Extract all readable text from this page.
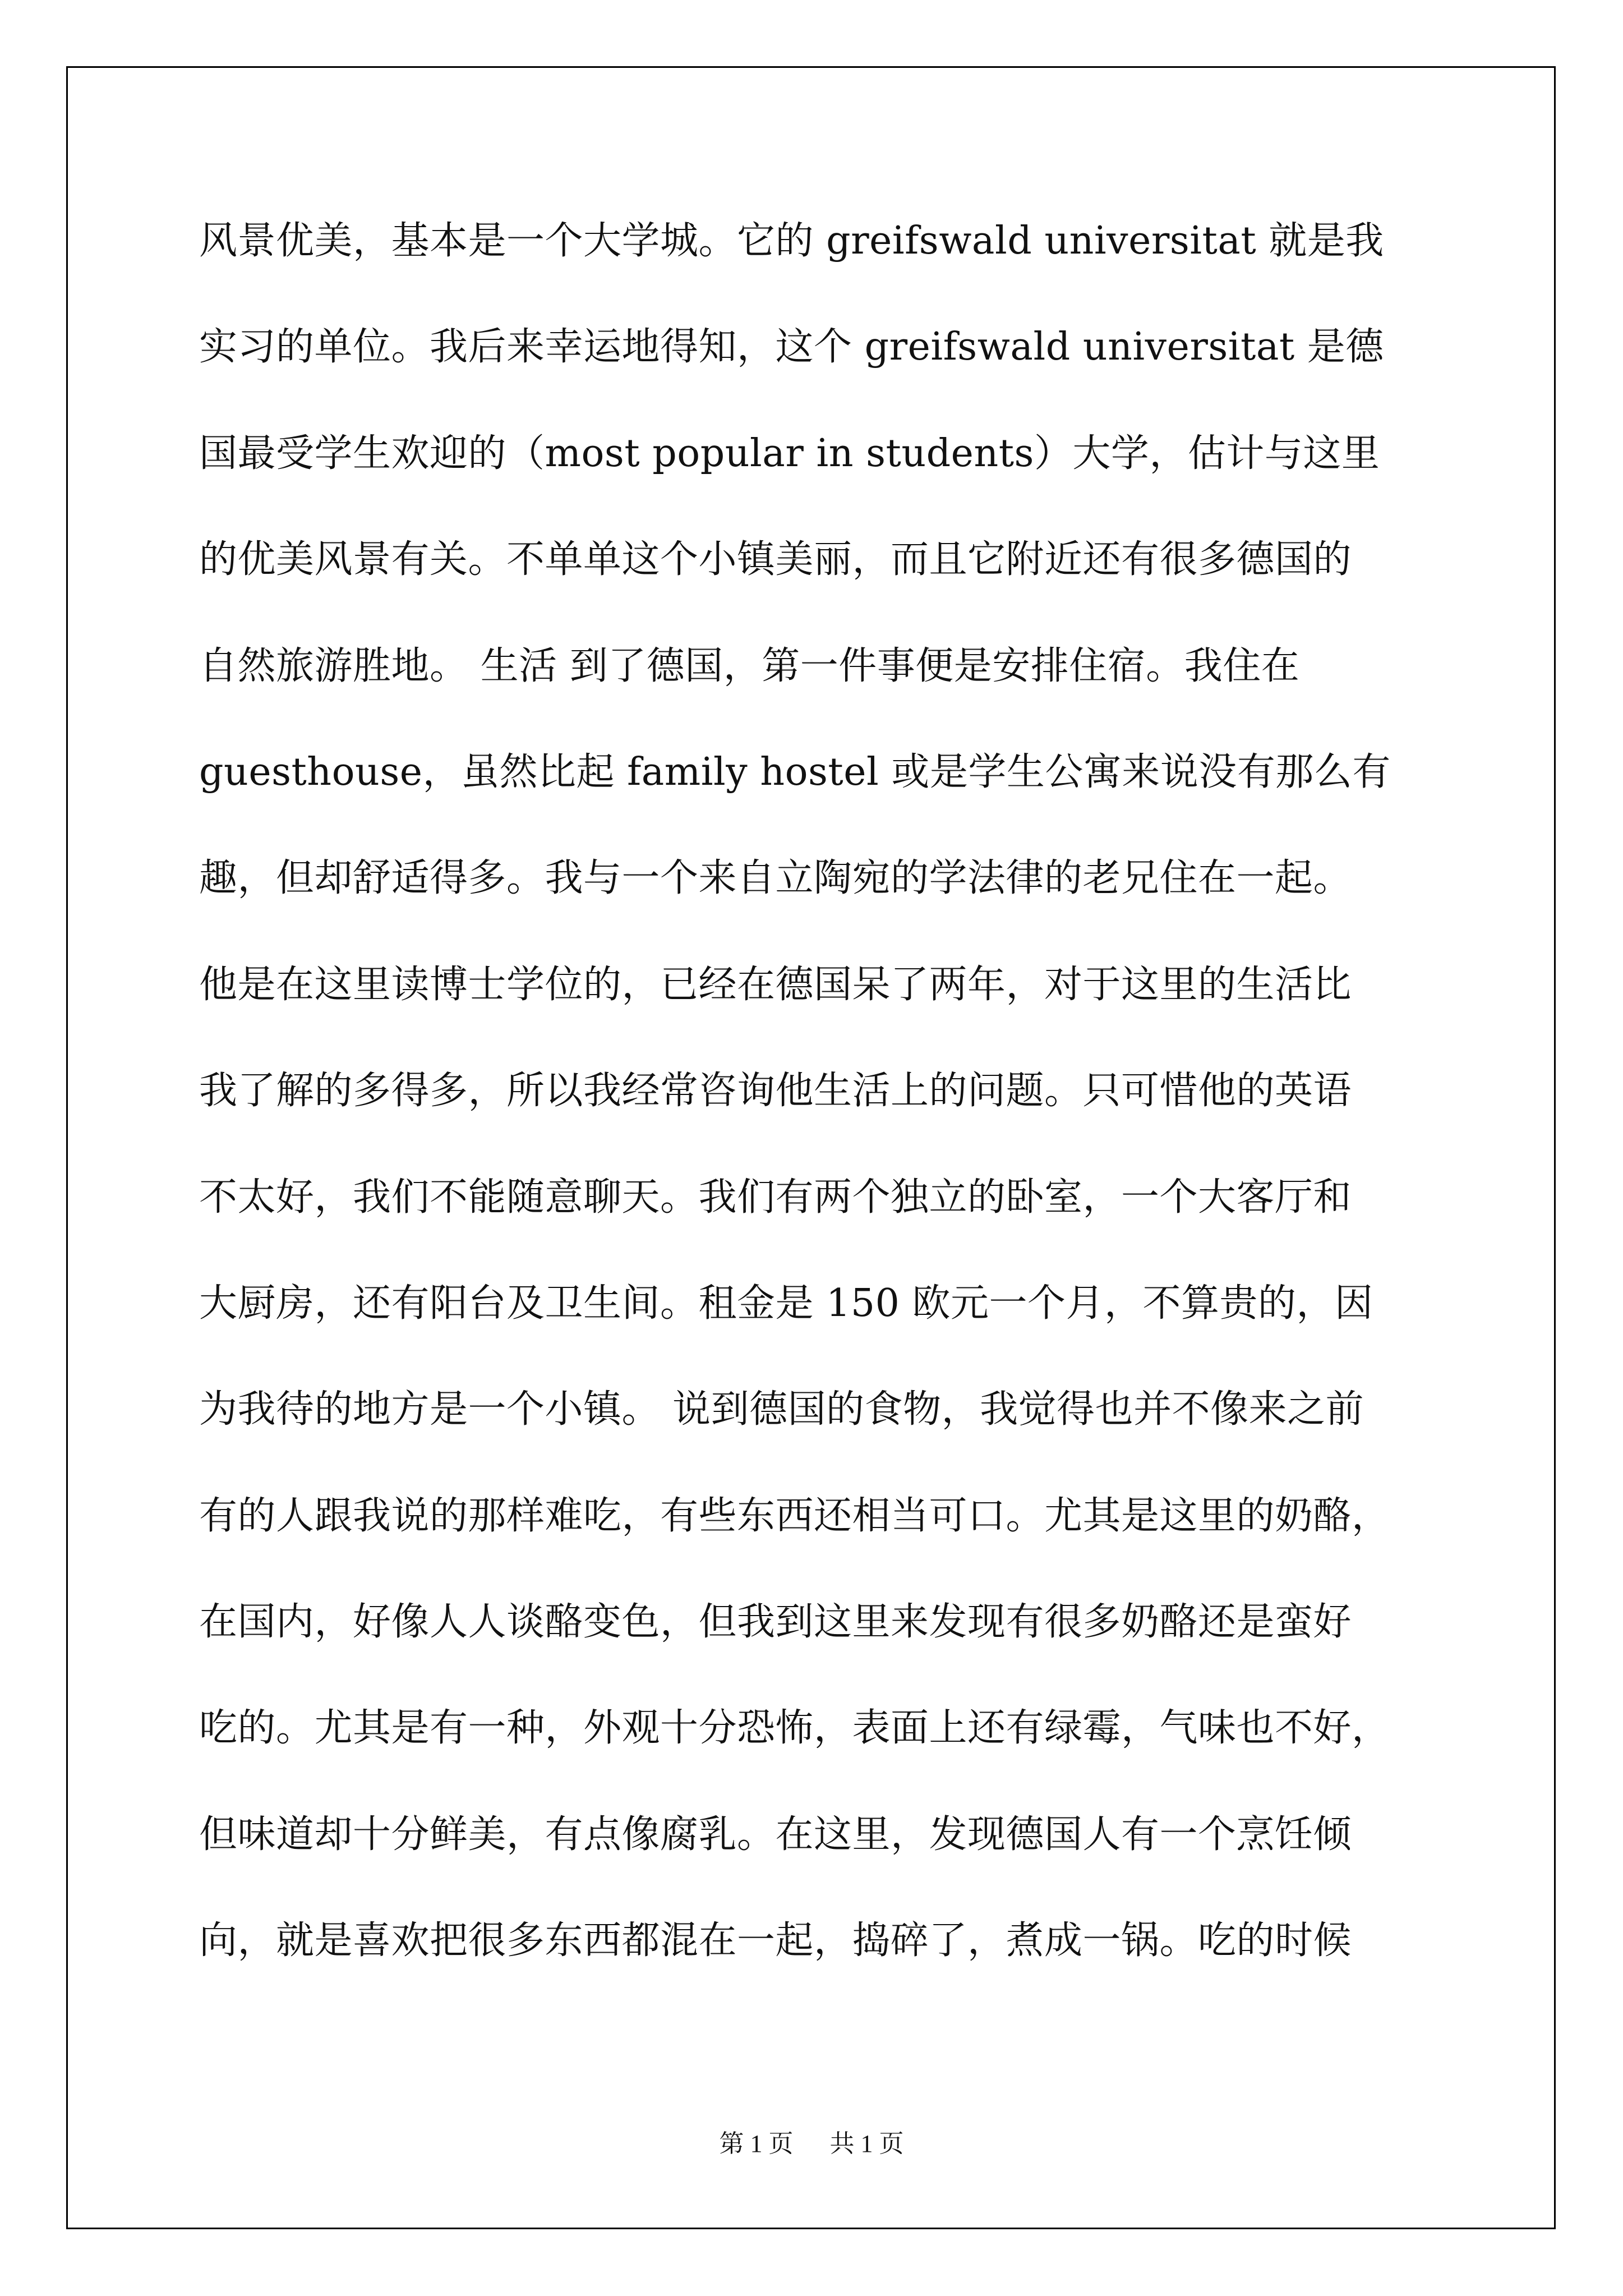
风景优美，基本是一个大学城。它的 greifswald universitat 就是我
实习的单位。我后来幸运地得知，这个 greifswald universitat 是德
国最受学生欢迎的（most popular in students）大学，估计与这里
的优美风景有关。不单单这个小镇美丽，而且它附近还有很多德国的
自然旅游胜地。 生活 到了德国，第一件事便是安排住宿。我住在
guesthouse，虽然比起 family hostel 或是学生公寓来说没有那么有
趣，但却舒适得多。我与一个来自立陶宛的学法律的老兄住在一起。
他是在这里读博士学位的，已经在德国呆了两年，对于这里的生活比
我了解的多得多，所以我经常咨询他生活上的问题。只可惜他的英语
不太好，我们不能随意聊天。我们有两个独立的卧室，一个大客厅和
大厨房，还有阳台及卫生间。租金是 150 欧元一个月，不算贵的，因
为我待的地方是一个小镇。 说到德国的食物，我觉得也并不像来之前
有的人跟我说的那样难吃，有些东西还相当可口。尤其是这里的奶酪，
在国内，好像人人谈酪变色，但我到这里来发现有很多奶酪还是蛮好
吃的。尤其是有一种，外观十分恐怖，表面上还有绿霉，气味也不好，
但味道却十分鲜美，有点像腐乳。在这里，发现德国人有一个烹饪倾
向，就是喜欢把很多东西都混在一起，捣碎了，煮成一锅。吃的时候
第 1 页 共 1 页
